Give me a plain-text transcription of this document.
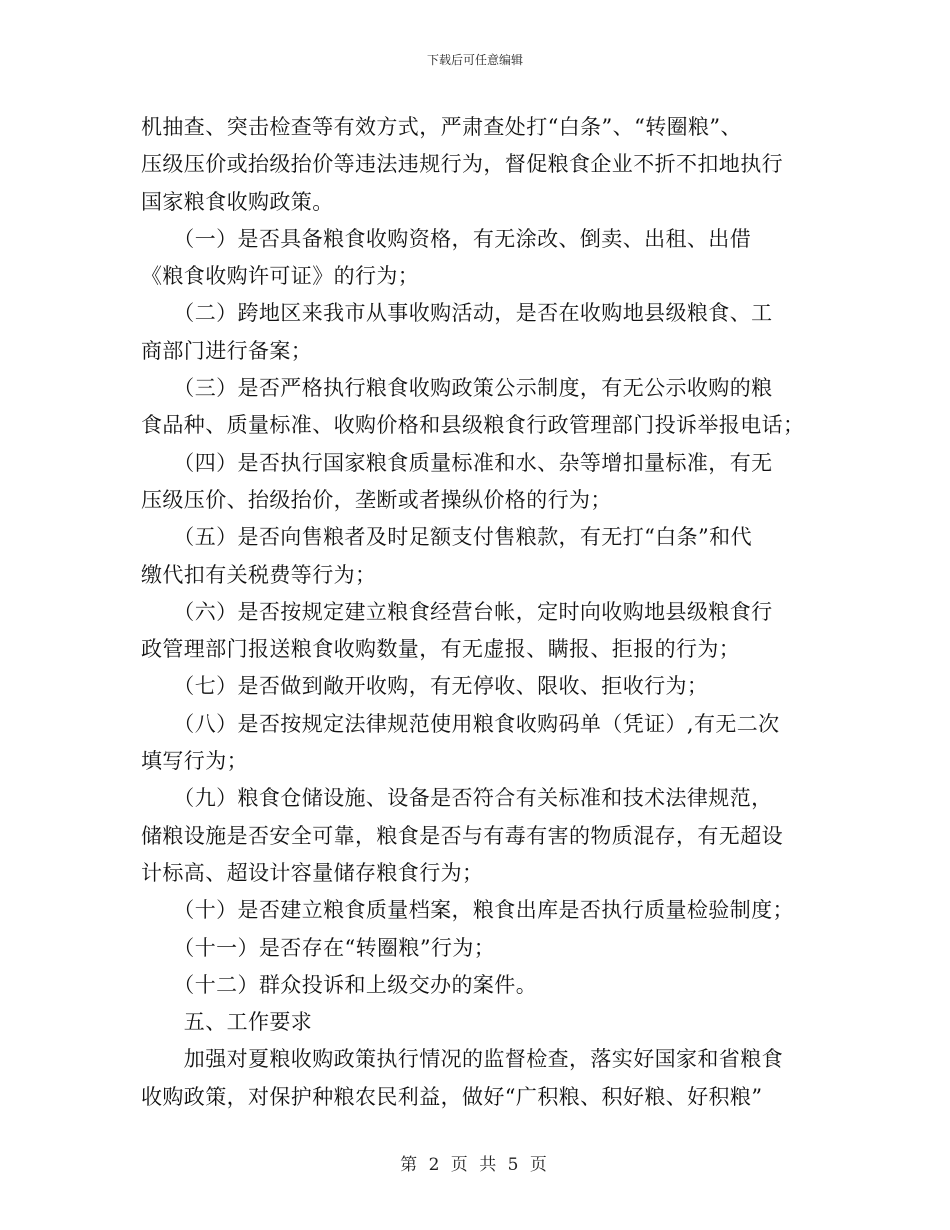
下载后可任意编辑
机抽查、突击检查等有效方式，严肃查处打“白条”、“转圈粮”、
压级压价或抬级抬价等违法违规行为，督促粮食企业不折不扣地执行
国家粮食收购政策。
　　（一）是否具备粮食收购资格，有无涂改、倒卖、出租、出借
《粮食收购许可证》的行为；
　　（二）跨地区来我市从事收购活动，是否在收购地县级粮食、工
商部门进行备案；
　　（三）是否严格执行粮食收购政策公示制度，有无公示收购的粮
食品种、质量标准、收购价格和县级粮食行政管理部门投诉举报电话；
　　（四）是否执行国家粮食质量标准和水、杂等增扣量标准，有无
压级压价、抬级抬价，垄断或者操纵价格的行为；
　　（五）是否向售粮者及时足额支付售粮款，有无打“白条”和代
缴代扣有关税费等行为；
　　（六）是否按规定建立粮食经营台帐，定时向收购地县级粮食行
政管理部门报送粮食收购数量，有无虚报、瞒报、拒报的行为；
　　（七）是否做到敞开收购，有无停收、限收、拒收行为；
　　（八）是否按规定法律规范使用粮食收购码单（凭证）,有无二次
填写行为；
　　（九）粮食仓储设施、设备是否符合有关标准和技术法律规范，
储粮设施是否安全可靠，粮食是否与有毒有害的物质混存，有无超设
计标高、超设计容量储存粮食行为；
　　（十）是否建立粮食质量档案，粮食出库是否执行质量检验制度；
　　（十一）是否存在“转圈粮”行为；
　　（十二）群众投诉和上级交办的案件。
　　五、工作要求
　　加强对夏粮收购政策执行情况的监督检查，落实好国家和省粮食
收购政策，对保护种粮农民利益，做好“广积粮、积好粮、好积粮”
第 2 页 共 5 页
